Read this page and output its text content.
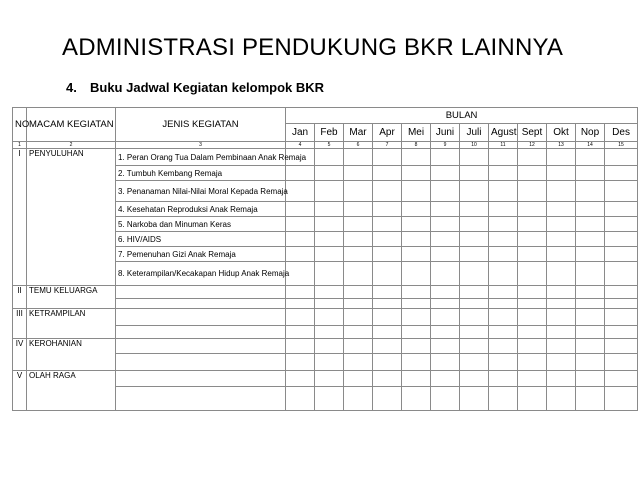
ADMINISTRASI PENDUKUNG BKR LAINNYA
4. Buku Jadwal Kegiatan kelompok BKR
NO	MACAM KEGIATAN	JENIS KEGIATAN	BULAN											
			Jan	Feb	Mar	Apr	Mei	Juni	Juli	Agust	Sept	Okt	Nop	Des
1	2	3	4	5	6	7	8	9	10	11	12	13	14	15
I	PENYULUHAN	1. Peran Orang Tua Dalam Pembinaan Anak Remaja												
		2. Tumbuh Kembang Remaja												
		3. Penanaman Nilai-Nilai Moral Kepada Remaja												
		4. Kesehatan Reproduksi Anak Remaja												
		5. Narkoba dan Minuman Keras												
		6. HIV/AIDS												
		7. Pemenuhan Gizi Anak Remaja												
		8. Keterampilan/Kecakapan Hidup Anak Remaja												
II	TEMU KELUARGA													

III	KETRAMPILAN													

IV	KEROHANIAN													

V	OLAH RAGA													
